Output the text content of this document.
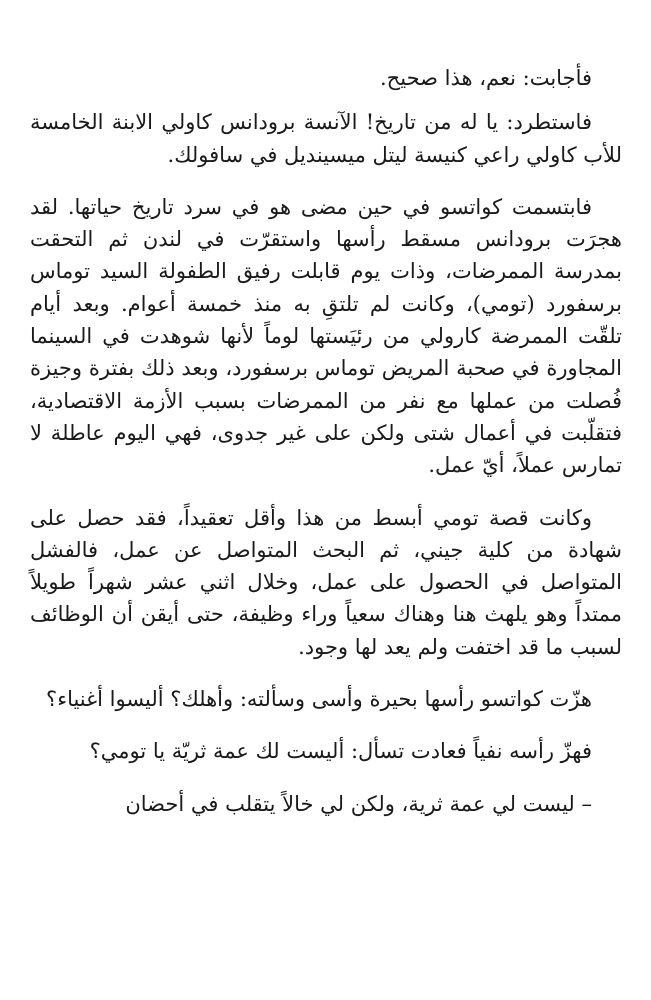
فأجابت: نعم، هذا صحيح.

فاستطرد: يا له من تاريخ! الآنسة برودانس كاولي الابنة الخامسة للأب كاولي راعي كنيسة ليتل ميسينديل في سافولك.

فابتسمت كواتسو في حين مضى هو في سرد تاريخ حياتها. لقد هجرَت برودانس مسقط رأسها واستقرّت في لندن ثم التحقت بمدرسة الممرضات، وذات يوم قابلت رفيق الطفولة السيد توماس برسفورد (تومي)، وكانت لم تلتقِ به منذ خمسة أعوام. وبعد أيام تلقّت الممرضة كارولي من رئيَستها لوماً لأنها شوهدت في السينما المجاورة في صحبة المريض توماس برسفورد، وبعد ذلك بفترة وجيزة فُصلت من عملها مع نفر من الممرضات بسبب الأزمة الاقتصادية، فتقلّبت في أعمال شتى ولكن على غير جدوى، فهي اليوم عاطلة لا تمارس عملاً، أيّ عمل.

وكانت قصة تومي أبسط من هذا وأقل تعقيداً، فقد حصل على شهادة من كلية جيني، ثم البحث المتواصل عن عمل، فالفشل المتواصل في الحصول على عمل، وخلال اثني عشر شهراً طويلاً ممتداً وهو يلهث هنا وهناك سعياً وراء وظيفة، حتى أيقن أن الوظائف لسبب ما قد اختفت ولم يعد لها وجود.

هزّت كواتسو رأسها بحيرة وأسى وسألته: وأهلك؟ أليسوا أغنياء؟

فهزّ رأسه نفياً فعادت تسأل: أليست لك عمة ثريّة يا تومي؟

– ليست لي عمة ثرية، ولكن لي خالاً يتقلب في أحضان
